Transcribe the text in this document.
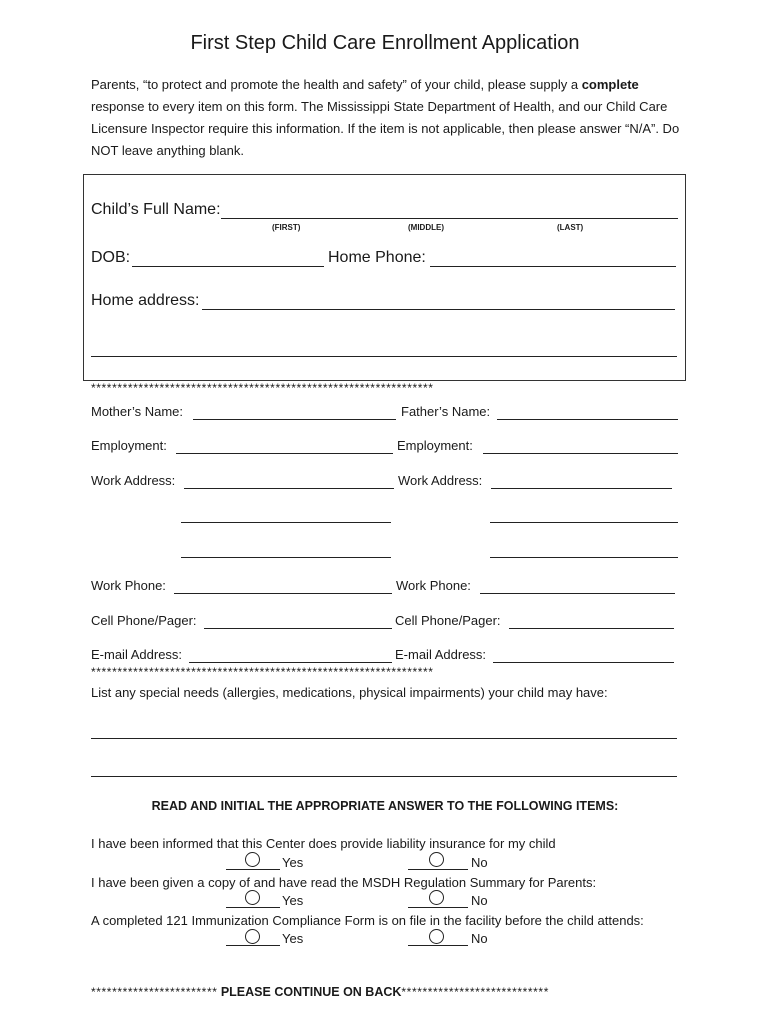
First Step Child Care Enrollment Application
Parents, “to protect and promote the health and safety” of your child, please supply a complete response to every item on this form. The Mississippi State Department of Health, and our Child Care Licensure Inspector require this information. If the item is not applicable, then please answer “N/A”. Do NOT leave anything blank.
Child’s Full Name:
(FIRST)	(MIDDLE)	(LAST)
DOB:	Home Phone:
Home address:
*****************************************************************
Mother’s Name:	Father’s Name:
Employment:	Employment:
Work Address:	Work Address:
Work Phone:	Work Phone:
Cell Phone/Pager:	Cell Phone/Pager:
E-mail Address:	E-mail Address:
*****************************************************************
List any special needs (allergies, medications, physical impairments) your child may have:
READ AND INITIAL THE APPROPRIATE ANSWER TO THE FOLLOWING ITEMS:
I have been informed that this Center does provide liability insurance for my child
Yes	No
I have been given a copy of and have read the MSDH Regulation Summary for Parents:
Yes	No
A completed 121 Immunization Compliance Form is on file in the facility before the child attends:
Yes	No
************************ PLEASE CONTINUE ON BACK****************************
